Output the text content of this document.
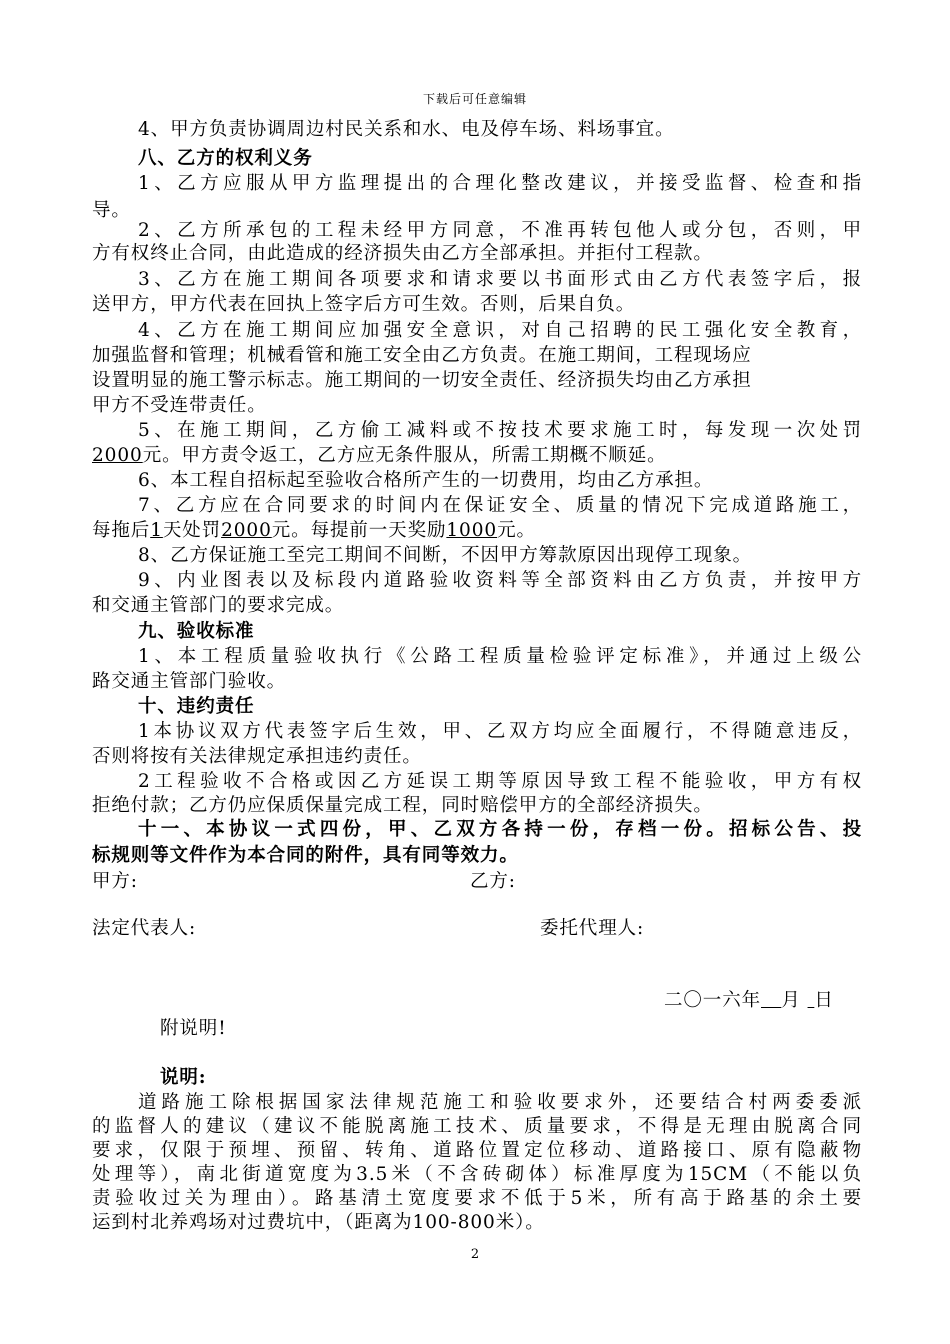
下载后可任意编辑
4、甲方负责协调周边村民关系和水、电及停车场、料场事宜。
八、乙方的权利义务
1、乙方应服从甲方监理提出的合理化整改建议，并接受监督、检查和指
导。
2、乙方所承包的工程未经甲方同意，不准再转包他人或分包，否则，甲
方有权终止合同，由此造成的经济损失由乙方全部承担。并拒付工程款。
3、乙方在施工期间各项要求和请求要以书面形式由乙方代表签字后，报
送甲方，甲方代表在回执上签字后方可生效。否则，后果自负。
4、乙方在施工期间应加强安全意识，对自己招聘的民工强化安全教育，
加强监督和管理；机械看管和施工安全由乙方负责。在施工期间，工程现场应
设置明显的施工警示标志。施工期间的一切安全责任、经济损失均由乙方承担
甲方不受连带责任。
5、在施工期间，乙方偷工减料或不按技术要求施工时，每发现一次处罚
2000元。甲方责令返工，乙方应无条件服从，所需工期概不顺延。
6、本工程自招标起至验收合格所产生的一切费用，均由乙方承担。
7、乙方应在合同要求的时间内在保证安全、质量的情况下完成道路施工，
每拖后1天处罚2000元。每提前一天奖励1000元。
8、乙方保证施工至完工期间不间断，不因甲方筹款原因出现停工现象。
9、内业图表以及标段内道路验收资料等全部资料由乙方负责，并按甲方
和交通主管部门的要求完成。
九、验收标准
1、本工程质量验收执行《公路工程质量检验评定标准》，并通过上级公
路交通主管部门验收。
十、违约责任
1本协议双方代表签字后生效，甲、乙双方均应全面履行，不得随意违反，
否则将按有关法律规定承担违约责任。
2工程验收不合格或因乙方延误工期等原因导致工程不能验收，甲方有权
拒绝付款；乙方仍应保质保量完成工程，同时赔偿甲方的全部经济损失。
十一、本协议一式四份，甲、乙双方各持一份，存档一份。招标公告、投
标规则等文件作为本合同的附件，具有同等效力。
甲方:	乙方:
法定代表人:	委托代理人:
二〇一六年 月 日
附说明!
说明:
道路施工除根据国家法律规范施工和验收要求外，还要结合村两委委派
的监督人的建议（建议不能脱离施工技术、质量要求，不得是无理由脱离合同
要求，仅限于预埋、预留、转角、道路位置定位移动、道路接口、原有隐蔽物
处理等），南北街道宽度为3.5米（不含砖砌体）标准厚度为15CM（不能以负
责验收过关为理由）。路基清土宽度要求不低于5米，所有高于路基的余土要
运到村北养鸡场对过费坑中，（距离为100-800米）。
2
